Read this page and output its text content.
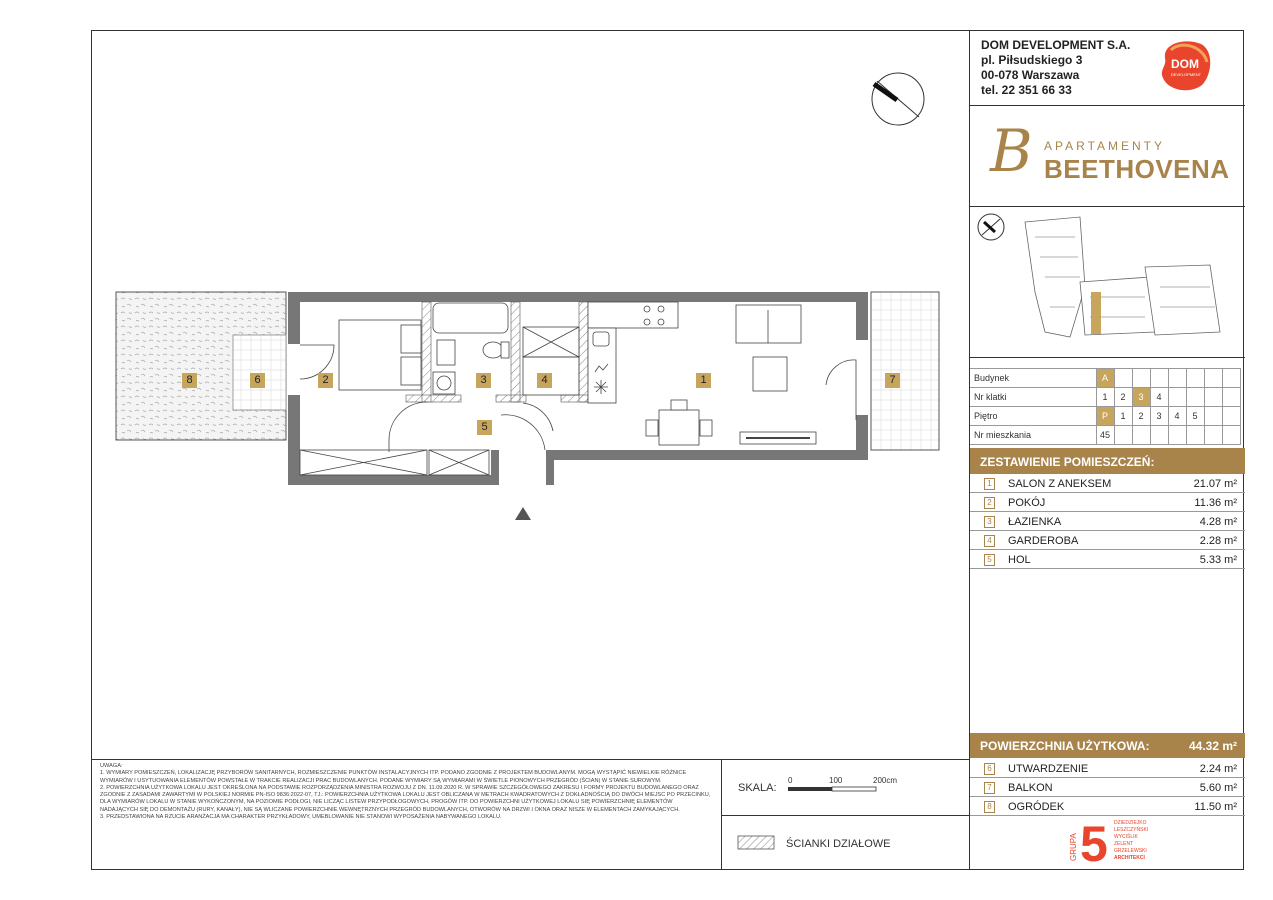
1
2	3	4
5
6	7
8
DOM DEVELOPMENT S.A.
pl. Piłsudskiego 3
00-078 Warszawa
tel. 22 351 66 33
DOM
DEVELOPMENT
B APARTAMENTY
BEETHOVENA
Budynek	A							
Nr klatki	1	2	3	4				
Piętro	P	1	2	3	4	5		
Nr mieszkania	45							
ZESTAWIENIE POMIESZCZEŃ:
1 SALON Z ANEKSEM	21.07 m²
2 POKÓJ	11.36 m²
3 ŁAZIENKA	4.28 m²
4 GARDEROBA	2.28 m²
5 HOL	5.33 m²
POWIERZCHNIA UŻYTKOWA:	44.32 m²
6 UTWARDZENIE	2.24 m²
7 BALKON	5.60 m²
8 OGRÓDEK	11.50 m²

UWAGA:

1. WYMIARY POMIESZCZEŃ, LOKALIZACJĘ PRZYBORÓW SANITARNYCH, ROZMIESZCZENIE PUNKTÓW INSTALACYJNYCH ITP. PODANO ZGODNIE Z PROJEKTEM BUDOWLANYM. MOGĄ WYSTĄPIĆ NIEWIELKIE RÓŻNICE WYMIARÓW I USYTUOWANIA ELEMENTÓW POWSTAŁE W TRAKCIE REALIZACJI PRAC BUDOWLANYCH. PODANE WYMIARY SĄ WYMIARAMI W ŚWIETLE PIONOWYCH PRZEGRÓD (ŚCIAN) W STANIE SUROWYM.

2. POWIERZCHNIA UŻYTKOWA LOKALU JEST OKREŚLONA NA PODSTAWIE ROZPORZĄDZENIA MINISTRA ROZWOJU Z DN. 11.09.2020 R. W SPRAWIE SZCZEGÓŁOWEGO ZAKRESU I FORMY PROJEKTU BUDOWLANEGO ORAZ ZGODNIE Z ZASADAMI ZAWARTYMI W POLSKIEJ NORMIE PN-ISO 9836:2022-07, TJ.: POWIERZCHNIA UŻYTKOWA LOKALU JEST OBLICZANA W METRACH KWADRATOWYCH Z DOKŁADNOŚCIĄ DO DWÓCH MIEJSC PO PRZECINKU, DLA WYMIARÓW LOKALU W STANIE WYKOŃCZONYM, NA POZIOMIE PODŁOGI, NIE LICZĄC LISTEW PRZYPODŁOGOWYCH, PROGÓW ITP. DO POWIERZCHNI UŻYTKOWEJ LOKALU SIĘ POWIERZCHNIĘ ELEMENTÓW NADAJĄCYCH SIĘ DO DEMONTAŻU (RURY, KANAŁY), NIE SĄ WLICZANE POWIERZCHNIE WEWNĘTRZNYCH PRZEGRÓD BUDOWLANYCH, OTWORÓW NA DRZWI I OKNA ORAZ NISZE W ELEMENTACH ZAMYKAJĄCYCH.

3. PRZEDSTAWIONA NA RZUCIE ARANŻACJA MA CHARAKTER PRZYKŁADOWY, UMEBLOWANIE NIE STANOWI WYPOSAŻENIA NABYWANEGO LOKALU.

SKALA:
0	100	200cm
ŚCIANKI DZIAŁOWE	GRUPA 5 DZIEDZIEJKO
LESZCZYŃSKI
WYCIŚLIK
ZELENT
GRZELEWSKI
ARCHITEKCI
